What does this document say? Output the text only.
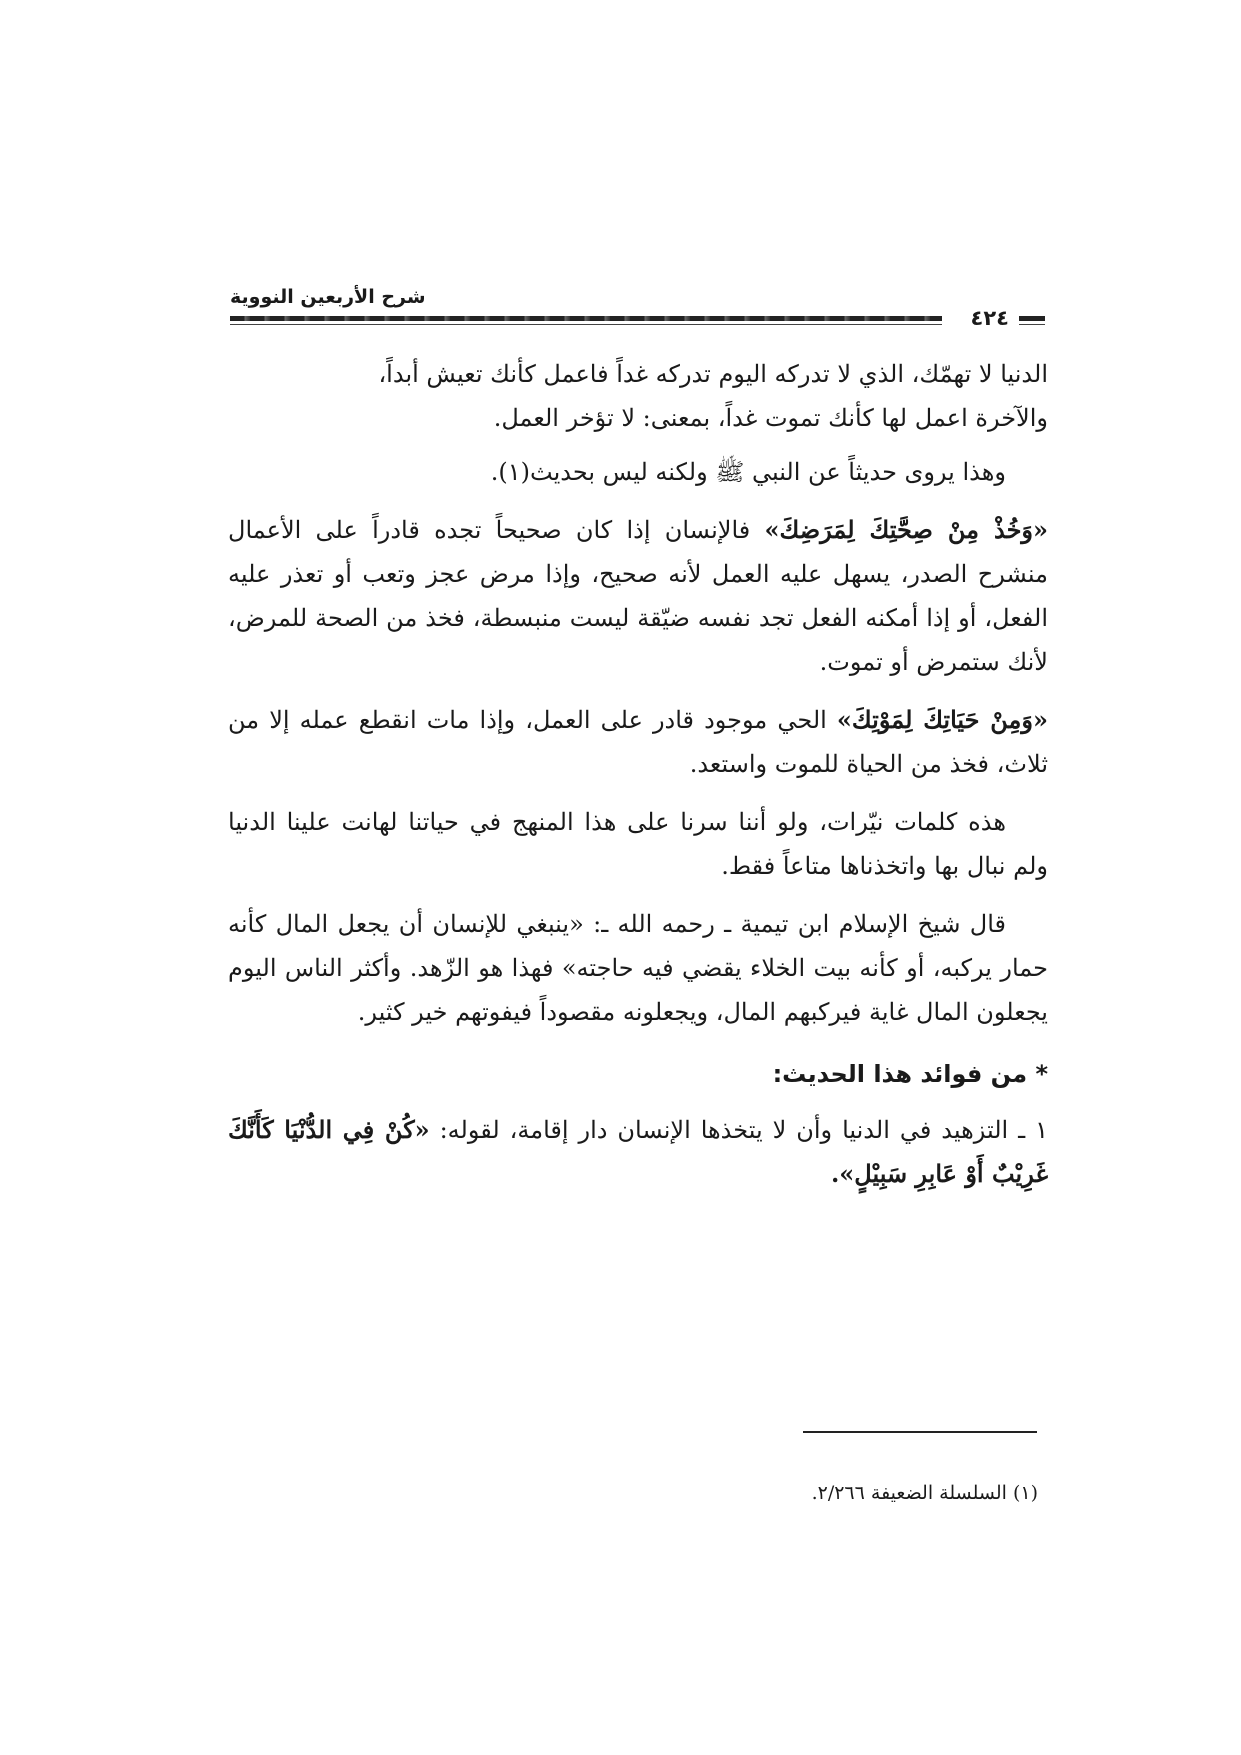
شرح الأربعين النووية
٤٢٤

الدنيا لا تهمّك، الذي لا تدركه اليوم تدركه غداً فاعمل كأنك تعيش أبداً،

والآخرة اعمل لها كأنك تموت غداً، بمعنى: لا تؤخر العمل.

وهذا يروى حديثاً عن النبي ﷺ ولكنه ليس بحديث(١).

«وَخُذْ مِنْ صِحَّتِكَ لِمَرَضِكَ» فالإنسان إذا كان صحيحاً تجده قادراً على الأعمال منشرح الصدر، يسهل عليه العمل لأنه صحيح، وإذا مرض عجز وتعب أو تعذر عليه الفعل، أو إذا أمكنه الفعل تجد نفسه ضيّقة ليست منبسطة، فخذ من الصحة للمرض، لأنك ستمرض أو تموت.

«وَمِنْ حَيَاتِكَ لِمَوْتِكَ» الحي موجود قادر على العمل، وإذا مات انقطع عمله إلا من ثلاث، فخذ من الحياة للموت واستعد.

هذه كلمات نيّرات، ولو أننا سرنا على هذا المنهج في حياتنا لهانت علينا الدنيا ولم نبال بها واتخذناها متاعاً فقط.

قال شيخ الإسلام ابن تيمية ـ رحمه الله ـ: «ينبغي للإنسان أن يجعل المال كأنه حمار يركبه، أو كأنه بيت الخلاء يقضي فيه حاجته» فهذا هو الزّهد. وأكثر الناس اليوم يجعلون المال غاية فيركبهم المال، ويجعلونه مقصوداً فيفوتهم خير كثير.

* من فوائد هذا الحديث:

١ ـ التزهيد في الدنيا وأن لا يتخذها الإنسان دار إقامة، لقوله: «كُنْ فِي الدُّنْيَا كَأَنَّكَ غَرِيْبٌ أَوْ عَابِرِ سَبِيْلٍ».

(١) السلسلة الضعيفة ٢/٢٦٦.
